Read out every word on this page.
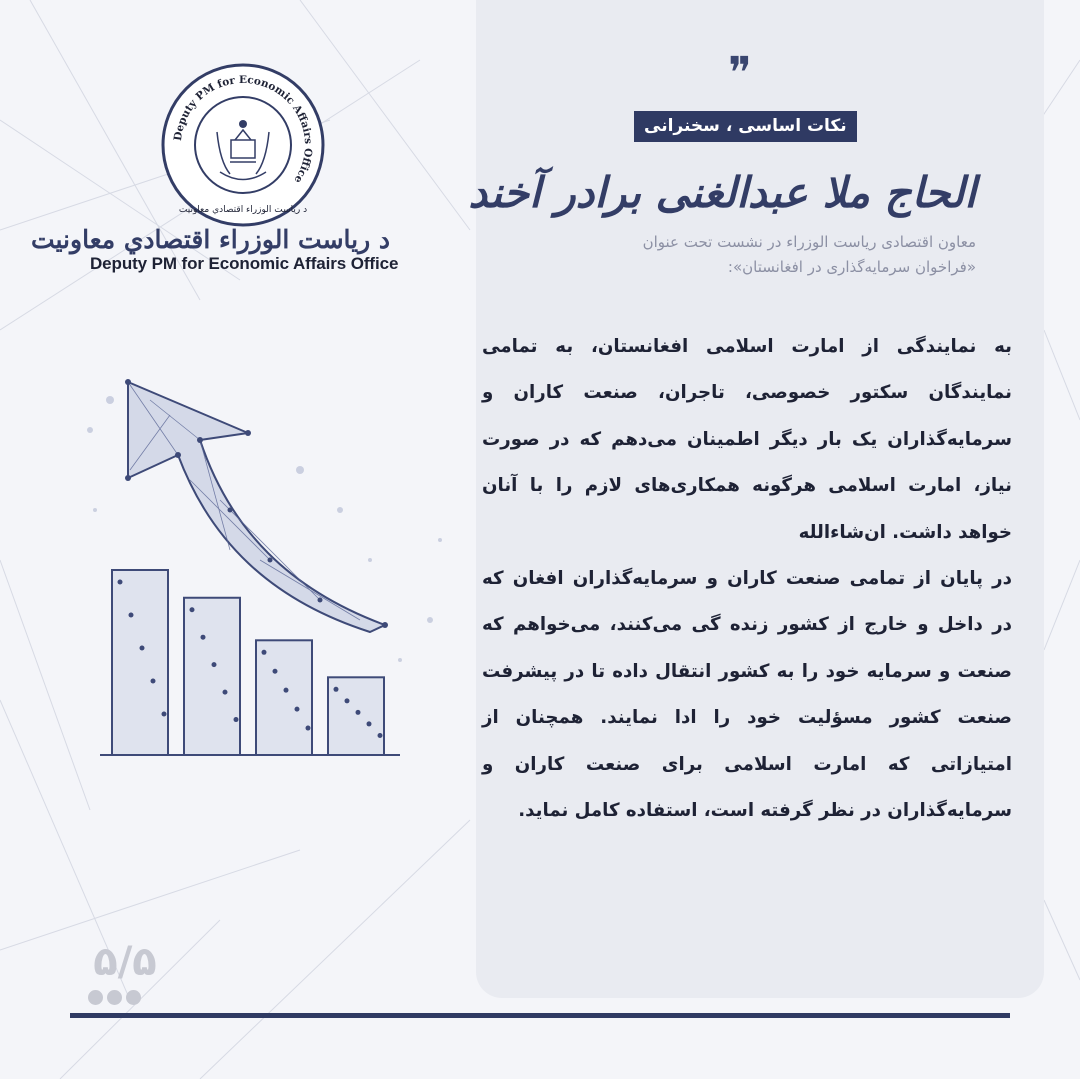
Deputy PM for Economic Affairs Office
د ریاست الوزراء اقتصادي معاونیت
د ریاست الوزراء اقتصادي معاونیت
Deputy PM for Economic Affairs Office
❞
نکات اساسی ، سخنرانی
الحاج ملا عبدالغنی برادر آخند
معاون اقتصادی ریاست الوزراء در نشست تحت عنوان
«فراخوان سرمایه‌گذاری در افغانستان»:

به نمایندگی از امارت اسلامی افغانستان، به تمامی نمایندگان سکتور خصوصی، تاجران، صنعت کاران و سرمایه‌گذاران یک بار دیگر اطمینان می‌دهم که در صورت نیاز، امارت اسلامی هرگونه همکاری‌های لازم را با آنان خواهد داشت. ان‌شاءالله

در پایان از تمامی صنعت کاران و سرمایه‌گذاران افغان که در داخل و خارج از کشور زنده گی می‌کنند، می‌خواهم که صنعت و سرمایه خود را به کشور انتقال داده تا در پیشرفت صنعت کشور مسؤلیت خود را ادا نمایند. همچنان از امتیازاتی که امارت اسلامی برای صنعت کاران و سرمایه‌گذاران در نظر گرفته است، استفاده کامل نماید.

۵/۵
